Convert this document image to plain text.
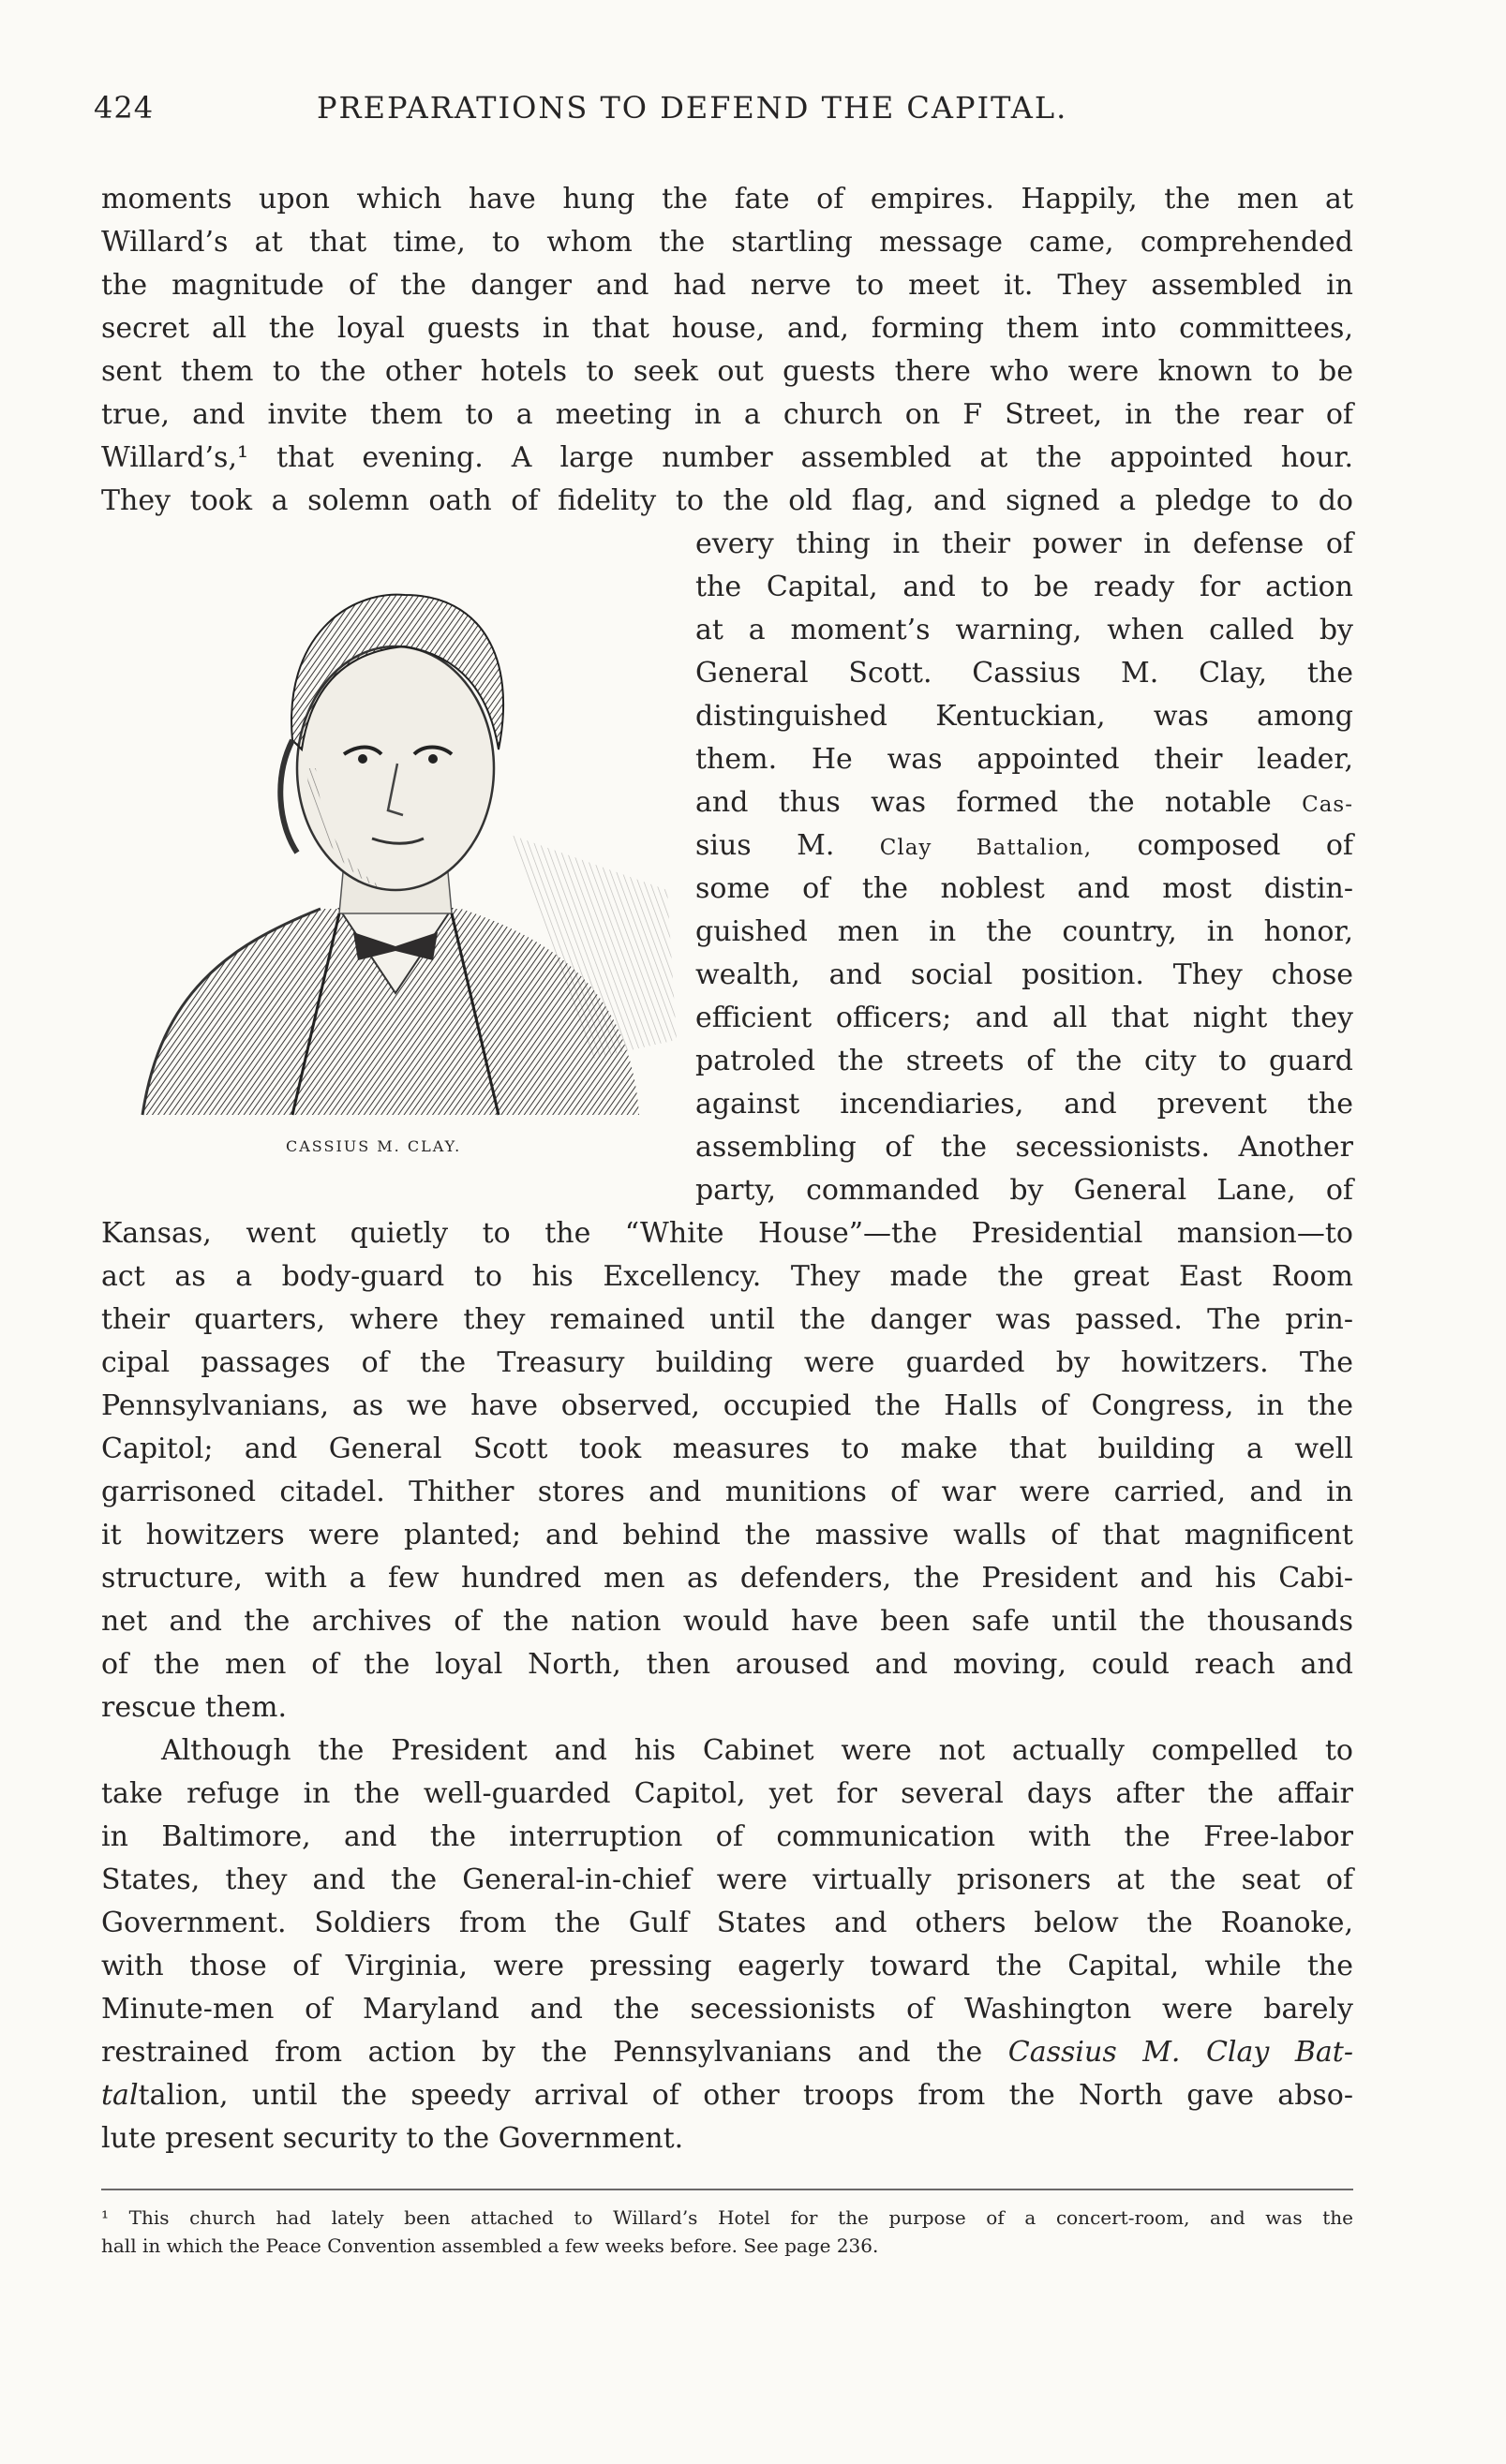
424	PREPARATIONS TO DEFEND THE CAPITAL.
moments upon which have hung the fate of empires. Happily, the men at
Willard’s at that time, to whom the startling message came, comprehended
the magnitude of the danger and had nerve to meet it. They assembled in
secret all the loyal guests in that house, and, forming them into committees,
sent them to the other hotels to seek out guests there who were known to be
true, and invite them to a meeting in a church on F Street, in the rear of
Willard’s,¹ that evening. A large number assembled at the appointed hour.
They took a solemn oath of fidelity to the old flag, and signed a pledge to do
CASSIUS M. CLAY.
every thing in their power in defense of
the Capital, and to be ready for action
at a moment’s warning, when called by
General Scott. Cassius M. Clay, the
distinguished Kentuckian, was among
them. He was appointed their leader,
and thus was formed the notable Cas-
sius M. Clay Battalion, composed of
some of the noblest and most distin-
guished men in the country, in honor,
wealth, and social position. They chose
efficient officers; and all that night they
patroled the streets of the city to guard
against incendiaries, and prevent the
assembling of the secessionists. Another
party, commanded by General Lane, of
Kansas, went quietly to the “White House”—the Presidential mansion—to
act as a body-guard to his Excellency. They made the great East Room
their quarters, where they remained until the danger was passed. The prin-
cipal passages of the Treasury building were guarded by howitzers. The
Pennsylvanians, as we have observed, occupied the Halls of Congress, in the
Capitol; and General Scott took measures to make that building a well
garrisoned citadel. Thither stores and munitions of war were carried, and in
it howitzers were planted; and behind the massive walls of that magnificent
structure, with a few hundred men as defenders, the President and his Cabi-
net and the archives of the nation would have been safe until the thousands
of the men of the loyal North, then aroused and moving, could reach and
rescue them.
Although the President and his Cabinet were not actually compelled to
take refuge in the well-guarded Capitol, yet for several days after the affair
in Baltimore, and the interruption of communication with the Free-labor
States, they and the General-in-chief were virtually prisoners at the seat of
Government. Soldiers from the Gulf States and others below the Roanoke,
with those of Virginia, were pressing eagerly toward the Capital, while the
Minute-men of Maryland and the secessionists of Washington were barely
restrained from action by the Pennsylvanians and the Cassius M. Clay Bat-
taltalion, until the speedy arrival of other troops from the North gave abso-
lute present security to the Government.
¹ This church had lately been attached to Willard’s Hotel for the purpose of a concert-room, and was the
hall in which the Peace Convention assembled a few weeks before. See page 236.
